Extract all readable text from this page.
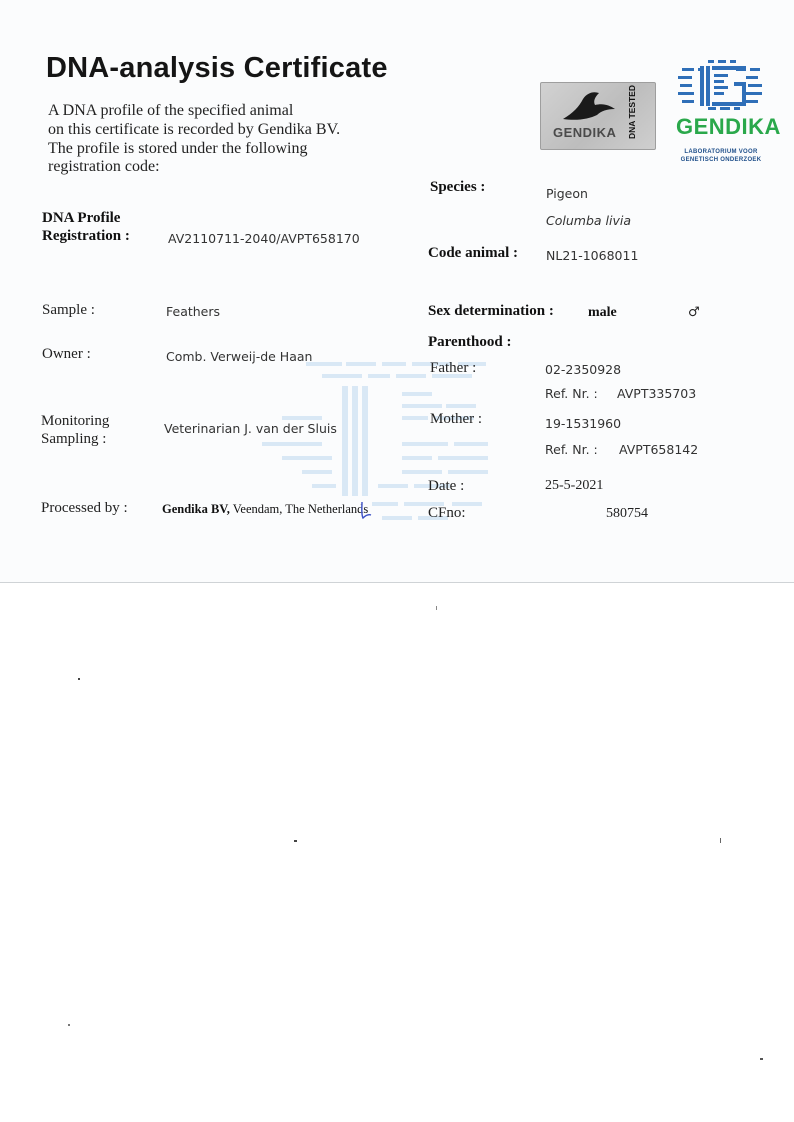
DNA-analysis Certificate
A DNA profile of the specified animal
on this certificate is recorded by Gendika BV.
The profile is stored under the following
registration code:
GENDIKA DNA TESTED GENDIKA
LABORATORIUM VOOR
GENETISCH ONDERZOEK
DNA Profile
Registration :	AV2110711-2040/AVPT658170
Sample :	Feathers
Owner :	Comb. Verweij-de Haan
Monitoring
Sampling :
Veterinarian J. van der Sluis
Processed by :	Gendika BV, Veendam, The Netherlands
Species :	Pigeon
Columba livia
Code animal : NL21-1068011
Sex determination : male	♂
Parenthood :
Father :	02-2350928
Ref. Nr. : AVPT335703
Mother :	19-1531960
Ref. Nr. : AVPT658142
Date :	25-5-2021
CFno:	580754
